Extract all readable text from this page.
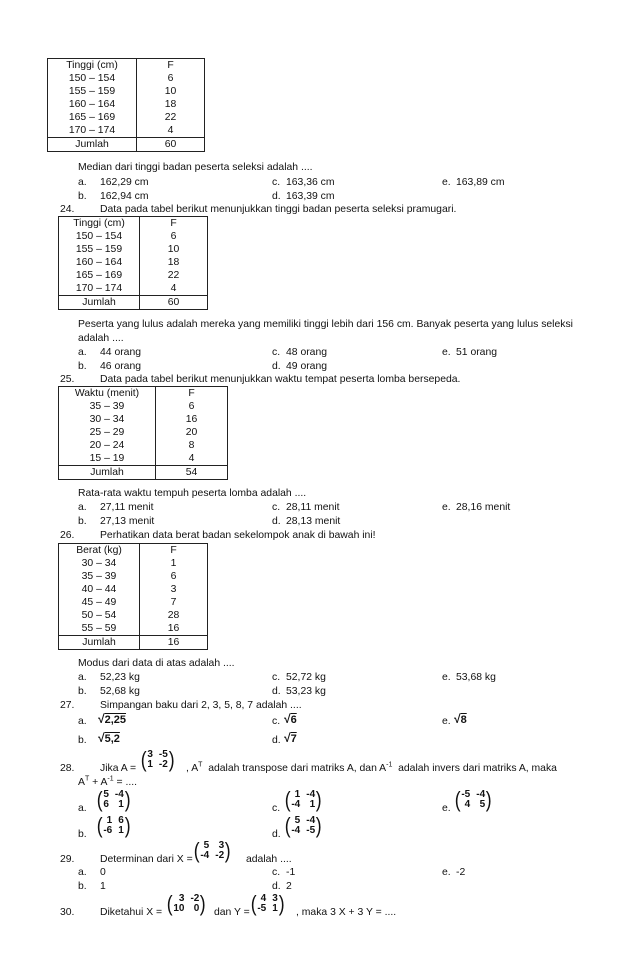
Tinggi (cm)	F
150 – 154	6
155 – 159	10
160 – 164	18
165 – 169	22
170 – 174	4
Jumlah	60
Median dari tinggi badan peserta seleksi adalah ....
a. 162,29 cm	c. 163,36 cm	e. 163,89 cm
b. 162,94 cm	d. 163,39 cm
24. Data pada tabel berikut menunjukkan tinggi badan peserta seleksi pramugari.
Tinggi (cm)	F
150 – 154	6
155 – 159	10
160 – 164	18
165 – 169	22
170 – 174	4
Jumlah	60
Peserta yang lulus adalah mereka yang memiliki tinggi lebih dari 156 cm. Banyak peserta yang lulus seleksi
adalah ....
a. 44 orang	c. 48 orang	e. 51 orang
b. 46 orang	d. 49 orang
25. Data pada tabel berikut menunjukkan waktu tempat peserta lomba bersepeda.
Waktu (menit)	F
35 – 39	6
30 – 34	16
25 – 29	20
20 – 24	8
15 – 19	4
Jumlah	54
Rata-rata waktu tempuh peserta lomba adalah ....
a. 27,11 menit	c. 28,11 menit	e. 28,16 menit
b. 27,13 menit	d. 28,13 menit
26. Perhatikan data berat badan sekelompok anak di bawah ini!
Berat (kg)	F
30 – 34	1
35 – 39	6
40 – 44	3
45 – 49	7
50 – 54	28
55 – 59	16
Jumlah	16
Modus dari data di atas adalah ....
a. 52,23 kg	c. 52,72 kg	e. 53,68 kg
b. 52,68 kg	d. 53,23 kg
27. Simpangan baku dari 2, 3, 5, 8, 7 adalah ....
a. √2,25	c. √6	e. √8
b. √5,2	d. √7
28. Jika A = ( 3 -5
1 -2 ) , $A^T$ adalah transpose dari matriks A, dan $A^{-1}$ adalah invers dari matriks A, maka
$A^T + A^{-1}$ = ....
a. ( 5 -4
6 1 )	c. ( 1 -4
-4 1 )	e. ( -5 -4
4 5 )
b. ( 1 6
-6 1 )	d. ( 5 -4
-4 -5 )
29. Determinan dari X = ( 5 3
-4 -2 ) adalah ....
a. 0	c. -1	e. -2
b. 1	d. 2
30. Diketahui X = ( 3 -2
10 0 ) dan Y = ( 4 3
-5 1 ) , maka 3 X + 3 Y = ....
